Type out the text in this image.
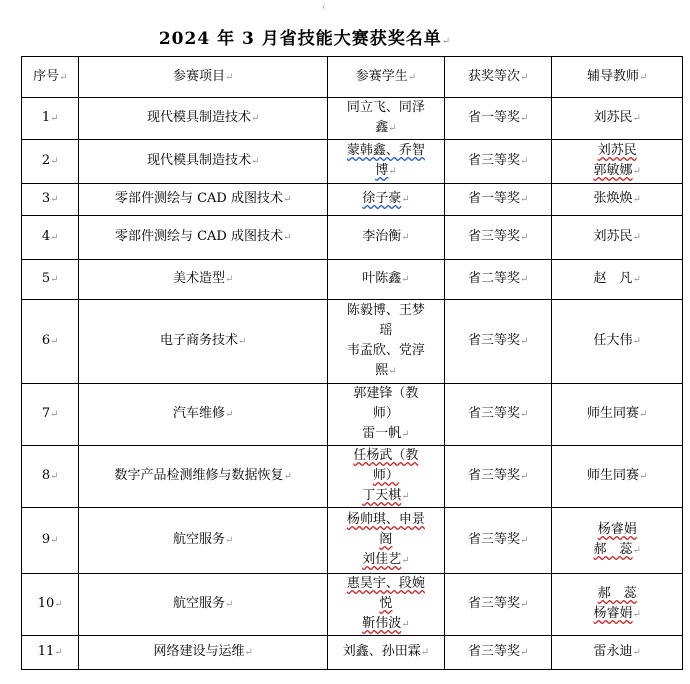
‹
2024 年 3 月省技能大赛获奖名单↵
序号↵	参赛项目↵	参赛学生↵	获奖等次↵	辅导教师↵

1↵	现代模具制造技术↵	同立飞、同泽
鑫↵	省一等奖↵	刘苏民↵

2↵	现代模具制造技术↵	蒙韩鑫、乔智
博↵	省三等奖↵	刘苏民
郭敏娜↵

3↵	零部件测绘与 CAD 成图技术↵	徐子豪↵	省一等奖↵	张焕焕↵

4↵	零部件测绘与 CAD 成图技术↵	李治衡↵	省三等奖↵	刘苏民↵

5↵	美术造型↵	叶陈鑫↵	省二等奖↵	赵　凡↵

6↵	电子商务技术↵	陈毅博、王梦
瑶
韦孟欣、党淳
熙↵	省三等奖↵	任大伟↵

7↵	汽车维修↵	郭建锋（教
师）
雷一帆↵	省三等奖↵	师生同赛↵

8↵	数字产品检测维修与数据恢复↵	任杨武（教
师）
丁天棋↵	省三等奖↵	师生同赛↵

9↵	航空服务↵	杨帅琪、申景
阁
刘佳艺↵	省三等奖↵	杨睿娟
郝　蕊↵

10↵	航空服务↵	惠昊宇、段婉
悦
靳伟波↵	省三等奖↵	郝　蕊
杨睿娟↵

11↵	网络建设与运维↵	刘鑫、孙田霖↵	省三等奖↵	雷永迪↵
